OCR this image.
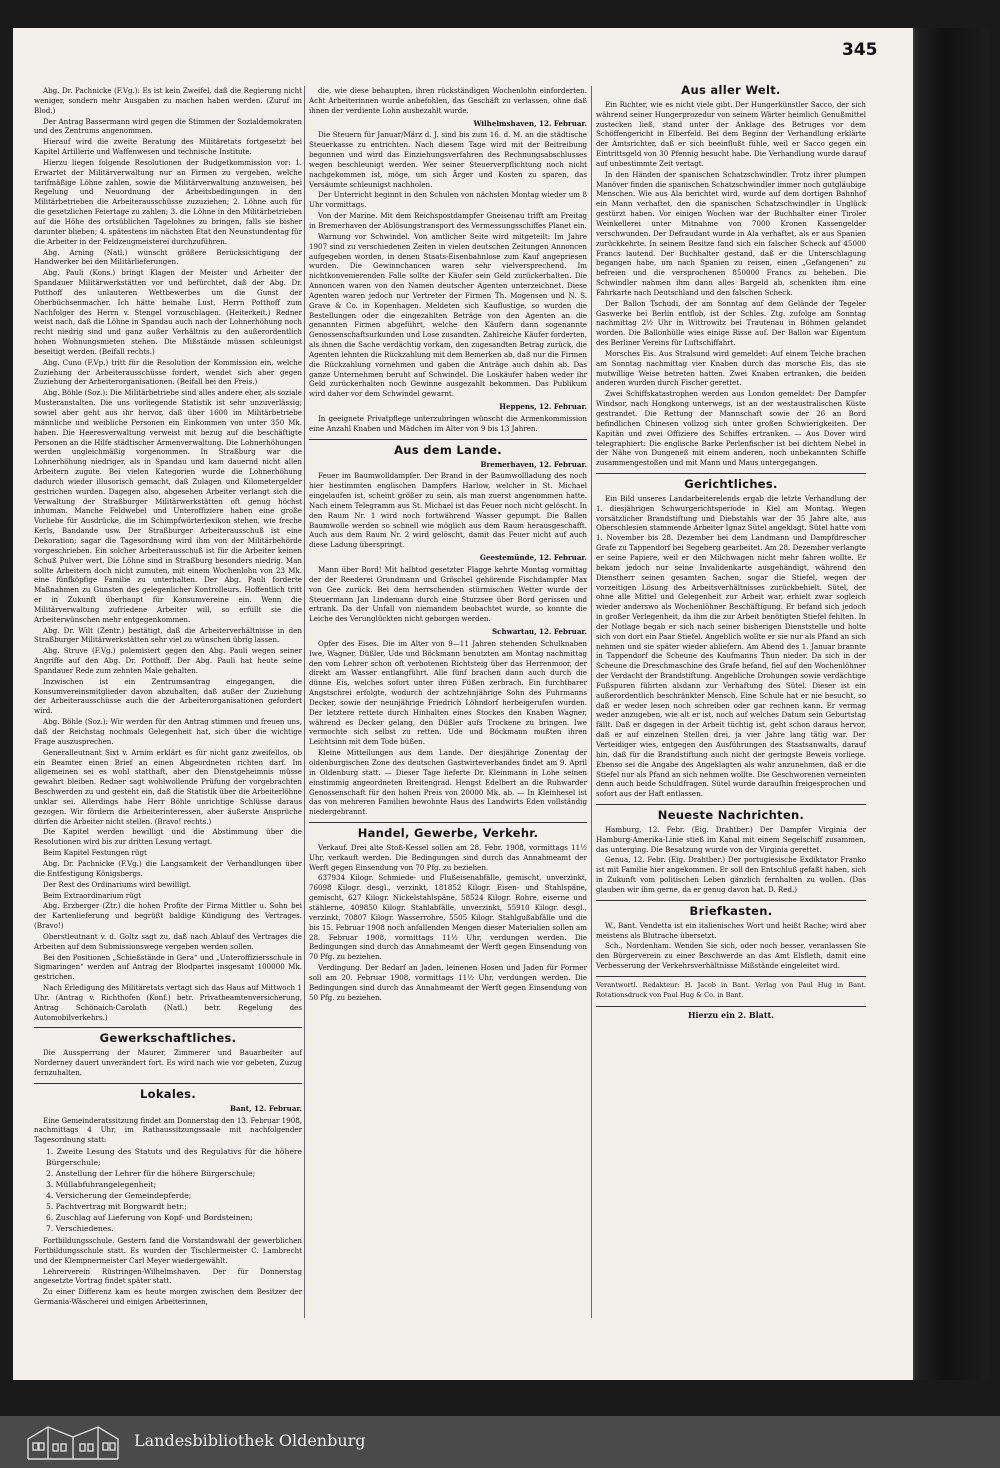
345

Abg. Dr. Pachnicke (F.Vg.): Es ist kein Zweifel, daß die Regierung nicht weniger, sondern mehr Ausgaben zu machen haben werden. (Zuruf im Blod.)

Der Antrag Bassermann wird gegen die Stimmen der Sozialdemokraten und des Zentrums angenommen.

Hierauf wird die zweite Beratung des Militäretats fortgesetzt bei Kapitel Artillerie und Waffenwesen und technische Institute.

Hierzu liegen folgende Resolutionen der Budgetkommission vor: 1. Erwartet der Militärverwaltung nur an Firmen zu vergeben, welche tarifmäßige Löhne zahlen, sowie die Militärverwaltung anzuweisen, bei Regelung und Neuordnung der Arbeitsbedingungen in den Militärbetrieben die Arbeiterausschüsse zuzuziehen; 2. Löhne auch für die gesetzlichen Feiertage zu zahlen; 3. die Löhne in den Militärbetrieben auf die Höhe des ortsüblichen Tagelohnes zu bringen, falls sie bisher darunter blieben; 4. spätestens im nächsten Etat den Neunstundentag für die Arbeiter in der Feldzeugmeisterei durchzuführen.

Abg. Arning (Natl.) wünscht größere Berücksichtigung der Handwerker bei den Militärlieferungen.

Abg. Pauli (Kons.) bringt Klagen der Meister und Arbeiter der Spandauer Militärwerkstätten vor und befürchtet, daß der Abg. Dr. Potthoff des unlauteren Wettbewerbes um die Gunst der Oberbüchsenmacher. Ich hätte beinahe Lust, Herrn Potthoff zum Nachfolger des Herrn v. Stengel vorzuschlagen. (Heiterkeit.) Redner weist nach, daß die Löhne in Spandau auch nach der Lohnerhöhung noch recht niedrig sind und ganz außer Verhältnis zu den außerordentlich hohen Wohnungsmieten stehen. Die Mißstände müssen schleunigst beseitigt werden. (Beifall rechts.)

Abg. Cuno (F.Vp.) tritt für die Resolution der Kommission ein, welche Zuziehung der Arbeiterausschüsse fordert, wendet sich aber gegen Zuziehung der Arbeiterorganisationen. (Beifall bei den Freis.)

Abg. Böhle (Soz.): Die Militärbetriebe sind alles andere eher, als soziale Musteranstalten. Die uns vorliegende Statistik ist sehr unzuverlässig; sowiel aber geht aus ihr hervor, daß über 1600 im Militärbetriebe männliche und weibliche Personen ein Einkommen von unter 350 Mk. haben. Die Heeresverwaltung verweist mit bezug auf die beschäftigte Personen an die Hilfe städtischer Armenverwaltung. Die Lohnerhöhungen werden ungleichmäßig vorgenommen. In Straßburg war die Lohnerhöhung niedriger, als in Spandau und kam dauernd nicht allen Arbeitern zugute. Bei vielen Kategorien wurde die Lohnerhöhung dadurch wieder illusorisch gemacht, daß Zulagen und Kilometergelder gestrichen wurden. Dagegen also, abgesehen Arbeiter verlangt sich die Verwaltung der Straßburger Militärwerkstätten oft genug höchst inhuman. Manche Feldwebel und Unteroffiziere haben eine große Vorliebe für Ausdrücke, die im Schimpfwörterlexikon stehen, wie freche Kerls, Bandande usw. Der Straßburger Arbeiterausschuß ist eine Dekoration; sagar die Tagesordnung wird ihm von der Militärbehörde vorgeschrieben. Ein solcher Arbeiterausschuß ist für die Arbeiter keinen Schuß Pulver wert. Die Löhne sind in Straßburg besonders niedrig. Man sollte Arbeitern doch nicht zumuten, mit einem Wochenlohn von 23 Mk. eine fünfköpfige Familie zu unterhalten. Der Abg. Pauli forderte Maßnahmen zu Gunsten des gelegenlicher Kontrolleurs. Hoffentlich tritt er in Zukunft überhaupt für Konsumvereine ein. Wenn die Militärverwaltung zufriedene Arbeiter will, so erfüllt sie die Arbeiterwünschen mehr entgegenkommen.

Abg. Dr. Wilt (Zentr.) bestätigt, daß die Arbeiterverhältnisse in den Straßburger Militärwerkstätten sehr viel zu wünschen übrig lassen.

Abg. Struve (F.Vg.) polemisiert gegen den Abg. Pauli wegen seiner Angriffe auf den Abg. Dr. Potthoff. Der Abg. Pauli hat heute seine Spandauer Rede zum zehnten Male gehalten.

Inzwischen ist ein Zentrumsantrag eingegangen, die Konsumvereinsmitglieder davon abzuhalten, daß außer der Zuziehung der Arbeiterausschüsse auch die der Arbeiterorganisationen gefordert wird.

Abg. Böhle (Soz.): Wir werden für den Antrag stimmen und freuen uns, daß der Reichstag nochmals Gelegenheit hat, sich über die wichtige Frage auszusprechen.

Generalleutnant Sixt v. Arnim erklärt es für nicht ganz zweifellos, ob ein Beamter einen Brief an einen Abgeordneten richten darf. Im allgemeinen sei es wohl statthaft, aber den Dienstgeheimnis müsse gewahrt bleiben. Redner sagt wohlwollende Prüfung der vorgebrachten Beschwerden zu und gesteht ein, daß die Statistik über die Arbeiterlöhne unklar sei. Allerdings habe Herr Böhle unrichtige Schlüsse daraus gezogen. Wir fördern die Arbeiterinteressen, aber äußerste Ansprüche dürfen die Arbeiter nicht stellen. (Bravo! rechts.)

Die Kapitel werden bewilligt und die Abstimmung über die Resolutionen wird bis zur dritten Lesung vertagt.

Beim Kapitel Festungen rügt

Abg. Dr. Pachnicke (F.Vg.) die Langsamkeit der Verhandlungen über die Entfestigung Königsbergs.

Der Rest des Ordinariums wird bewilligt.

Beim Extraordinarium rügt

Abg. Erzberger (Ztr.) die hohen Profite der Firma Mittler u. Sohn bei der Kartenlieferung und begrüßt baldige Kündigung des Vertrages. (Bravo!)

Oberstleutnant v. d. Goltz sagt zu, daß nach Ablauf des Vertrages die Arbeiten auf dem Submissionswege vergeben werden sollen.

Bei den Positionen „Schießstände in Gera“ und „Unteroffiziersschule in Sigmaringen“ werden auf Antrag der Blodpartei insgesamt 100000 Mk. gestrichen.

Nach Erledigung des Militäretats vertagt sich das Haus auf Mittwoch 1 Uhr. (Antrag v. Richthofen (Konf.) betr. Privatbeamtenversicherung, Antrag Schönaich-Carolath (Natl.) betr. Regelung des Automobilverkehrs.)

Gewerkschaftliches.

Die Aussperrung der Maurer, Zimmerer und Bauarbeiter auf Norderney dauert unverändert fort. Es wird nach wie vor gebeten, Zuzug fernzuhalten.

Lokales.
Bant, 12. Februar.

Eine Gemeinderatssitzung findet am Donnerstag den 13. Februar 1908, nachmittags 4 Uhr, im Rathaussitzungssaale mit nachfolgender Tagesordnung statt:

1. Zweite Lesung des Statuts und des Regulativs für die höhere Bürgerschule;
2. Anstellung der Lehrer für die höhere Bürgerschule;
3. Müllabfuhrangelegenheit;
4. Versicherung der Gemeindepferde;
5. Pachtvertrag mit Borgwardt betr.;
6. Zuschlag auf Lieferung von Kopf- und Bordsteinen;
7. Verschiedenes.

Fortbildungsschule. Gestern fand die Vorstandswahl der gewerblichen Fortbildungsschule statt. Es wurden der Tischlermeister C. Lambrecht und der Klempnermeister Carl Meyer wiedergewählt.

Lehrerverein Rüstringen-Wilhelmshaven. Der für Donnerstag angesetzte Vortrag findet später statt.

Zu einer Differenz kam es heute morgen zwischen dem Besitzer der Germania-Wäscherei und einigen Arbeiterinnen,

die, wie diese behaupten, ihren rückständigen Wochenlohn einforderten. Acht Arbeiterinnen wurde anbefohlen, das Geschäft zu verlassen, ohne daß ihnen der verdiente Lohn ausbezahlt wurde.

Wilhelmshaven, 12. Februar.

Die Steuern für Januar/März d. J. sind bis zum 16. d. M. an die städtische Steuerkasse zu entrichten. Nach diesem Tage wird mit der Beitreibung begonnen und wird das Einziehungsverfahren des Rechnungsabschlusses wegen beschleunigt werden. Wer seiner Steuerverpflichtung noch nicht nachgekommen ist, möge, um sich Ärger und Kosten zu sparen, das Versäumte schleunigst nachholen.

Der Unterricht beginnt in den Schulen von nächsten Montag wieder um 8 Uhr vormittags.

Von der Marine. Mit dem Reichspostdampfer Gneisenau trifft am Freitag in Bremerhaven der Ablösungstransport des Vermessungsschiffes Planet ein.

Warnung vor Schwindel. Von amtlicher Seite wird mitgeteilt: Im Jahre 1907 sind zu verschiedenen Zeiten in vielen deutschen Zeitungen Annoncen aufgegeben worden, in denen Staats-Eisenbahnlose zum Kauf angepriesen wurden. Die Gewinnchancen waren sehr vielversprechend. Im nichtkonvenierenden Falle sollte der Käufer sein Geld zurückerhalten. Die Annoncen waren von den Namen deutscher Agenten unterzeichnet. Diese Agenten waren jedoch nur Vertreter der Firmen Th. Mogensen und N. S. Grave & Co. in Kopenhagen. Meldeten sich Kauflustige, so wurden die Bestellungen oder die eingezahlten Beträge von den Agenten an die genannten Firmen abgeführt, welche den Käufern dann sogenannte Genossenschaftsurkunden und Lose zusandten. Zahlreiche Käufer forderten, als ihnen die Sache verdächtig vorkam, den zugesandten Betrag zurück, die Agenten lehnten die Rückzahlung mit dem Bemerken ab, daß nur die Firmen die Rückzahlung vornehmen und gaben die Anträge auch dahin ab. Das ganze Unternehmen beruht auf Schwindel. Die Loskäufer haben weder ihr Geld zurückerhalten noch Gewinne ausgezahlt bekommen. Das Publikum wird daher vor dem Schwindel gewarnt.

Heppens, 12. Februar.

In geeignete Privatpflege unterzubringen wünscht die Armenkommission eine Anzahl Knaben und Mädchen im Alter von 9 bis 13 Jahren.

Aus dem Lande.
Bremerhaven, 12. Februar.

Feuer im Baumwolldampfer. Der Brand in der Baumwollladung des noch hier bestimmten englischen Dampfers Harlow, welcher in St. Michael eingelaufen ist, scheint größer zu sein, als man zuerst angenommen hatte. Nach einem Telegramm aus St. Michael ist das Feuer noch nicht gelöscht. In den Raum Nr. 1 wird noch fortwährend Wasser gepumpt. Die Ballen Baumwolle werden so schnell wie möglich aus dem Raum herausgeschafft. Auch aus dem Raum Nr. 2 wird gelöscht, damit das Feuer nicht auf auch diese Ladung überspringt.

Geestemünde, 12. Februar.

Mann über Bord! Mit halbtod gesetzter Flagge kehrte Montag vormittag der der Reederei Grundmann und Gröschel gehörende Fischdampfer Max von Gee zurück. Bei dem herrschenden stürmischen Wetter wurde der Steuermann Jan Lindemann durch eine Sturzsee über Bord gerissen und ertrank. Da der Unfall von niemandem beobachtet wurde, so konnte die Leiche des Verunglückten nicht geborgen werden.

Schwartau, 12. Februar.

Opfer des Eises. Die im Alter von 9—11 Jahren stehenden Schulknaben Iwe, Wagner, Düßler, Ude und Böckmann benutzten am Montag nachmittag den vom Lehrer schon oft verbotenen Richtsteig über das Herrenmoor, der direkt am Wasser entlangführt. Alle fünf brachen dann auch durch die dünne Eis, welches sofort unter ihren Füßen zerbrach. Ein furchtbarer Angstschrei erfolgte, wodurch der achtzehnjährige Sohn des Fuhrmanns Decker, sowie der neunjährige Friedrich Löhndorf herbeigerufen wurden. Der letztere rettete durch Hinhalten eines Stockes den Knaben Wagner, während es Decker gelang, den Düßler aufs Trockene zu bringen. Iwe vermochte sich selbst zu retten. Ude und Böckmann mußten ihren Leichtsinn mit dem Tode büßen.

Kleine Mitteilungen aus dem Lande. Der diesjährige Zonentag der oldenburgischen Zone des deutschen Gastwirteverbandes findet am 9. April in Oldenburg statt. — Dieser Tage lieferte Dr. Kleinmann in Lohe seinen einstimmig angeordneten Breitengrad. Hengst Edelbert an die Ruhwarder Genossenschaft für den hohen Preis von 20000 Mk. ab. — In Kleinhesel ist das von mehreren Familien bewohnte Haus des Landwirts Eden vollständig niedergebrannt.

Handel, Gewerbe, Verkehr.

Verkauf. Drei alte Stoß-Kessel sollen am 28. Febr. 1908, vormittags 11½ Uhr, verkauft werden. Die Bedingungen sind durch das Annahmeamt der Werft gegen Einsendung von 70 Pfg. zu beziehen.

637934 Kilogr. Schmiede- und Flußeisenabfälle, gemischt, unverzinkt, 76098 Kilogr. desgl., verzinkt, 181852 Kilogr. Eisen- und Stahlspäne, gemischt, 627 Kilogr. Nickelstahlspäne, 58524 Kilogr. Rohre, eiserne und stählerne, 409850 Kilogr. Stahlabfälle, unverzinkt, 55910 Kilogr. desgl., verzinkt, 70807 Kilogr. Wasserrohre, 5505 Kilogr. Stahlgußabfälle und die bis 15. Februar 1908 noch anfallenden Mengen dieser Materialien sollen am 28. Februar 1908, vormittags 11½ Uhr, verdungen werden. Die Bedingungen sind durch das Annahmeamt der Werft gegen Einsendung von 70 Pfg. zu beziehen.

Verdingung. Der Bedarf an Jaden, leinenen Hosen und Jaden für Former soll am 20. Februar 1908, vormittags 11½ Uhr, verdungen werden. Die Bedingungen sind durch das Annahmeamt der Werft gegen Einsendung von 50 Pfg. zu beziehen.

Aus aller Welt.

Ein Richter, wie es nicht viele gibt. Der Hungerkünstler Sacco, der sich während seiner Hungerprozedur von seinem Wärter heimlich Genußmittel zustecken ließ, stand unter der Anklage des Betruges vor dem Schöffengericht in Elberfeld. Bei dem Beginn der Verhandlung erklärte der Amtsrichter, daß er sich beeinflußt fühle, weil er Sacco gegen ein Eintrittsgeld von 30 Pfennig besucht habe. Die Verhandlung wurde darauf auf unbestimmte Zeit vertagt.

In den Händen der spanischen Schatzschwindler. Trotz ihrer plumpen Manöver finden die spanischen Schatzschwindler immer noch gutgläubige Menschen. Wie aus Ala berichtet wird, wurde auf dem dortigen Bahnhof ein Mann verhaftet, den die spanischen Schatzschwindler in Unglück gestürzt haben. Vor einigen Wochen war der Buchhalter einer Tiroler Weinkellerei unter Mitnahme von 7000 Kronen Kassengelder verschwunden. Der Defraudant wurde in Ala verhaftet, als er aus Spanien zurückkehrte. In seinem Besitze fand sich ein falscher Scheck auf 45000 Francs lautend. Der Buchhalter gestand, daß er die Unterschlagung begangen habe, um nach Spanien zu reisen, einen „Gefangenen“ zu befreien und die versprochenen 850000 Francs zu beheben. Die Schwindler nahmen ihm dann alles Bargeld ab, schenkten ihm eine Fahrkarte nach Deutschland und den falschen Scheck.

Der Ballon Tschudi, der am Sonntag auf dem Gelände der Tegeler Gaswerke bei Berlin entflob, ist der Schles. Ztg. zufolge am Sonntag nachmittag 2½ Uhr in Wittrowitz bei Trautenau in Böhmen gelandet worden. Die Ballonhülle wies einige Risse auf. Der Ballon war Eigentum des Berliner Vereins für Luftschiffahrt.

Morsches Eis. Aus Stralsund wird gemeldet: Auf einem Teiche brachen am Sonntag nachmittag vier Knaben durch das morsche Eis, das sie mutwillige Weise betreten hatten. Zwei Knaben ertranken, die beiden anderen wurden durch Fischer gerettet.

Zwei Schiffskatastrophen werden aus London gemeldet: Der Dampfer Windsor, nach Hongkong unterwegs, ist an der westaustralischen Küste gestrandet. Die Rettung der Mannschaft sowie der 26 an Bord befindlichen Chinesen vollzog sich unter großen Schwierigkeiten. Der Kapitän und zwei Offiziere des Schiffes ertranken. — Aus Dover wird telegraphiert: Die englische Barke Perlenfischer ist bei dichtem Nebel in der Nähe von Dungeneß mit einem anderen, noch unbekannten Schiffe zusammengestoßen und mit Mann und Maus untergegangen.

Gerichtliches.

Ein Bild unseres Landarbeiterelends ergab die letzte Verhandlung der 1. diesjährigen Schwurgerichtsperiode in Kiel am Montag. Wegen vorsätzlicher Brandstiftung und Diebstahls war der 35 Jahre alte, aus Oberschlesien stammende Arbeiter Ignaz Sütel angeklagt. Sütel hatte vom 1. November bis 28. Dezember bei dem Landmann und Dampfdrescher Grafe zu Tappendorf bei Segeberg gearbeitet. Am 28. Dezember verlangte er seine Papiere, weil er den Milchwagen nicht mehr fahren wollte. Er bekam jedoch nur seine Invalidenkarte ausgehändigt, während den Dienstherr seinen gesamten Sachen, sogar die Stiefel, wegen der vorzeitigen Lösung des Arbeitsverhältnisses zurückbehielt. Sütel, der ohne alle Mittel und Gelegenheit zur Arbeit war, erhielt zwar sogleich wieder anderswo als Wochenlöhner Beschäftigung. Er befand sich jedoch in großer Verlegenheit, da ihm die zur Arbeit benötigten Stiefel fehlten. In der Notlage begab er sich nach seiner bisherigen Dienststelle und holte sich von dort ein Paar Stiefel. Angeblich wollte er sie nur als Pfand an sich nehmen und sie später wieder abliefern. Am Abend des 1. Januar brannte in Tappendorf die Scheune des Kaufmanns Thun nieder. Da sich in der Scheune die Dreschmaschine des Grafe befand, fiel auf den Wochenlöhner der Verdacht der Brandstiftung. Angebliche Drohungen sowie verdächtige Fußspuren führten alsdann zur Verhaftung des Sütel. Dieser ist ein außerordentlich beschränkter Mensch. Eine Schule hat er nie besucht, so daß er weder lesen noch schreiben oder gar rechnen kann. Er vermag weder anzugeben, wie alt er ist, noch auf welches Datum sein Geburtstag fällt. Daß er dagegen in der Arbeit tüchtig ist, geht schon daraus hervor, daß er auf einzelnen Stellen drei, ja vier Jahre lang tätig war. Der Verteidiger wies, entgegen den Ausführungen des Staatsanwalts, darauf hin, daß für die Brandstiftung auch nicht der geringste Beweis vorliege. Ebenso sei die Angabe des Angeklagten als wahr anzunehmen, daß er die Stiefel nur als Pfand an sich nehmen wollte. Die Geschworenen verneinten denn auch beide Schuldfragen. Sütel wurde daraufhin freigesprochen und sofort aus der Haft entlassen.

Neueste Nachrichten.

Hamburg, 12. Febr. (Eig. Drahtber.) Der Dampfer Virginia der Hamburg-Amerika-Linie stieß im Kanal mit einem Segelschiff zusammen, das unterging. Die Besatzung wurde von der Virginia gerettet.

Genua, 12. Febr. (Eig. Drahtber.) Der portugiesische Exdiktator Franko ist mit Familie hier angekommen. Er soll den Entschluß gefaßt haben, sich in Zukunft vom politischen Leben gänzlich fernhalten zu wollen. (Das glauben wir ihm gerne, da er genug davon hat. D. Red.)

Briefkasten.

W., Bant. Vendetta ist ein italienisches Wort und heißt Rache; wird aber meistens als Blutrache übersetzt.

Sch., Nordenham. Wenden Sie sich, oder noch besser, veranlassen Sie den Bürgerverein zu einer Beschwerde an das Amt Elsfleth, damit eine Verbesserung der Verkehrsverhältnisse Mißstände eingeleitet wird.

Verantwortl. Redakteur: H. Jacob in Bant. Verlag von Paul Hug in Bant. Rotationsdruck von Paul Hug & Co. in Bant.

Hierzu ein 2. Blatt.
Landesbibliothek Oldenburg
